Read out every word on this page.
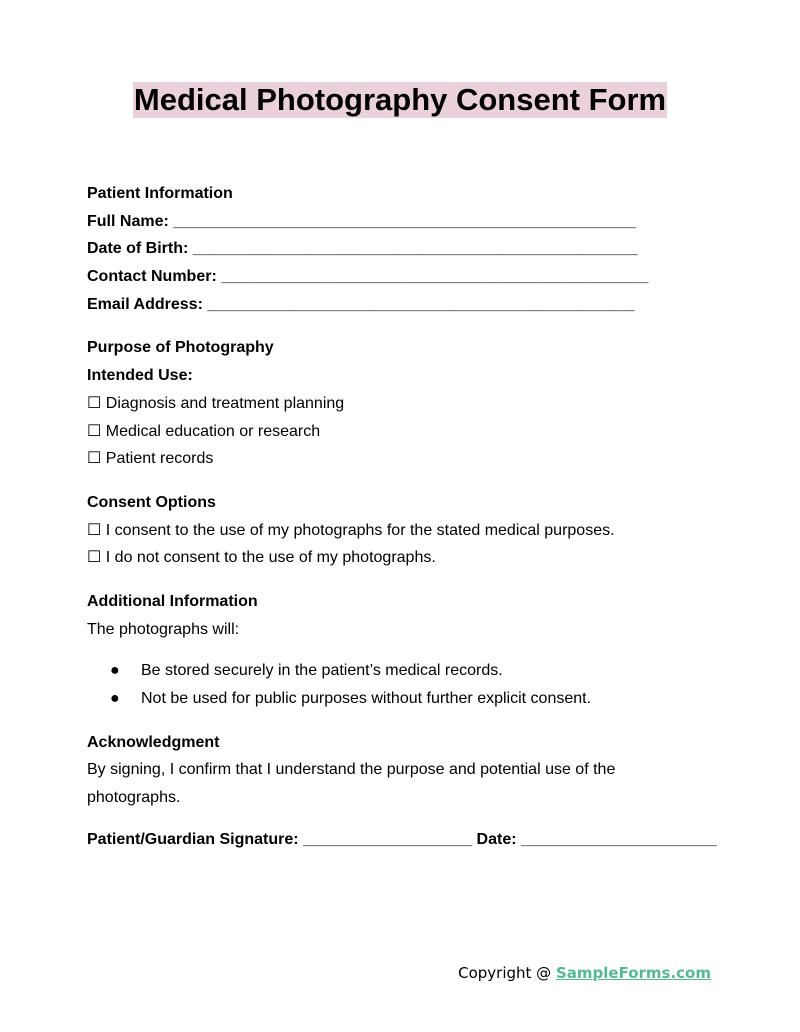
Medical Photography Consent Form
Patient Information
Full Name: ____________________________________________________
Date of Birth: __________________________________________________
Contact Number: ________________________________________________
Email Address: ________________________________________________
Purpose of Photography
Intended Use:
☐ Diagnosis and treatment planning
☐ Medical education or research
☐ Patient records
Consent Options
☐ I consent to the use of my photographs for the stated medical purposes.
☐ I do not consent to the use of my photographs.
Additional Information
The photographs will:
● Be stored securely in the patient’s medical records.
● Not be used for public purposes without further explicit consent.
Acknowledgment
By signing, I confirm that I understand the purpose and potential use of the photographs.
Patient/Guardian Signature: ___________________ Date: ______________________
Copyright @ SampleForms.com
